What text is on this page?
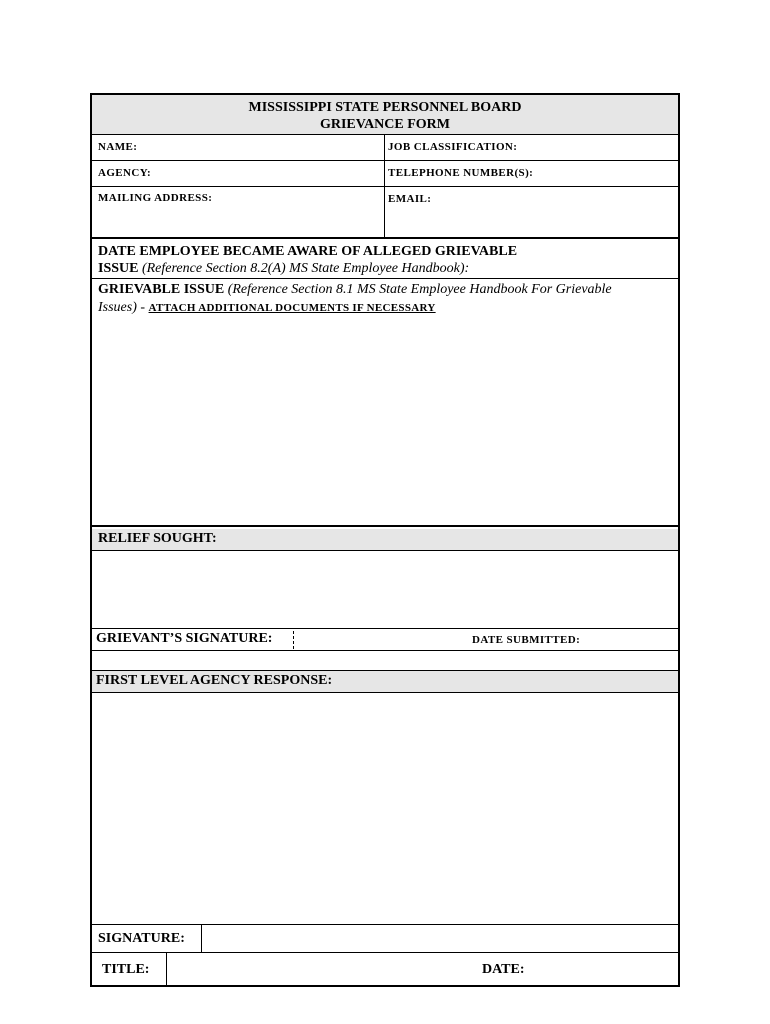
MISSISSIPPI STATE PERSONNEL BOARD
GRIEVANCE FORM
NAME:	JOB CLASSIFICATION:
AGENCY:	TELEPHONE NUMBER(S):
MAILING ADDRESS:	EMAIL:
DATE EMPLOYEE BECAME AWARE OF ALLEGED GRIEVABLE
ISSUE (Reference Section 8.2(A) MS State Employee Handbook):
GRIEVABLE ISSUE (Reference Section 8.1 MS State Employee Handbook For Grievable
Issues) - ATTACH ADDITIONAL DOCUMENTS IF NECESSARY
RELIEF SOUGHT:
GRIEVANT’S SIGNATURE:	DATE SUBMITTED:
FIRST LEVEL AGENCY RESPONSE:
SIGNATURE:
TITLE:	DATE:
